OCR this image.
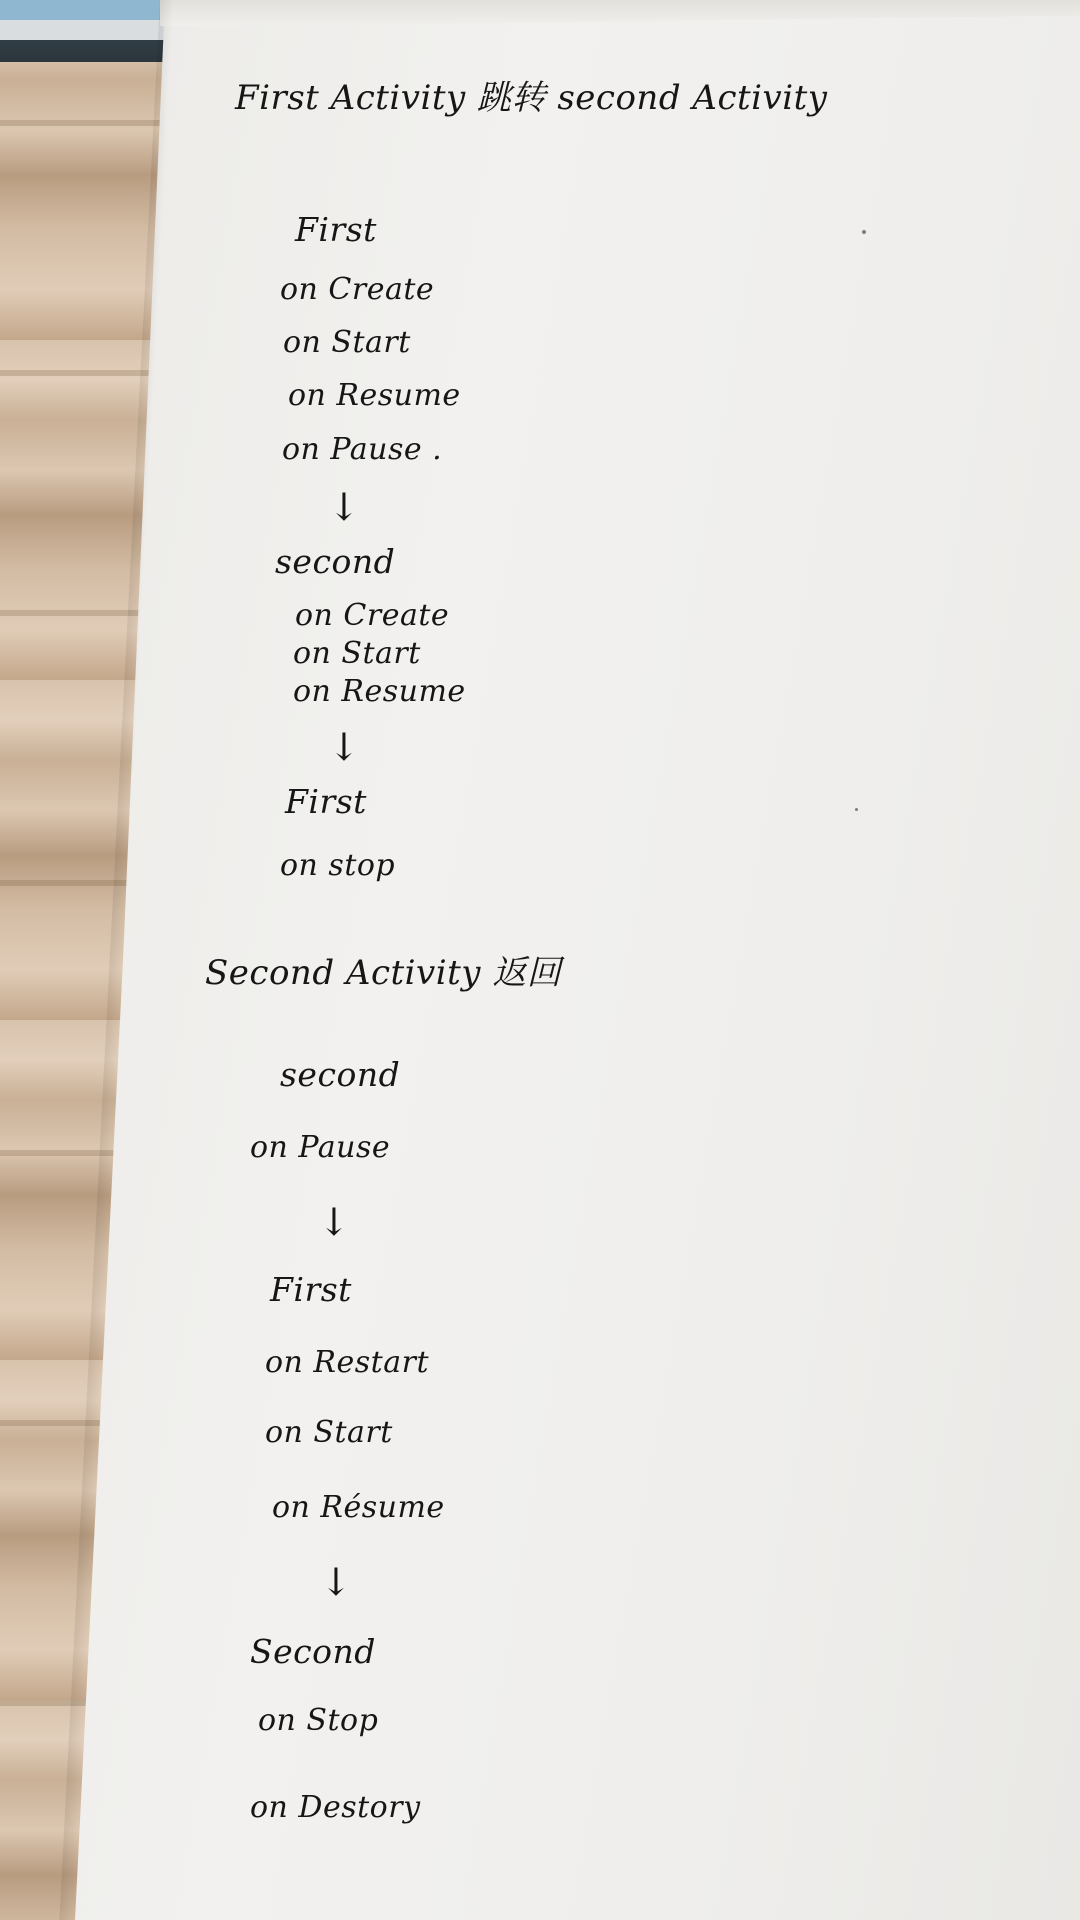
First Activity 跳转 second Activity

First

on Create

on Start

on Resume

on Pause .

↓

second

on Create

on Start

on Resume

↓

First

on stop

Second Activity 返回

second

on Pause

↓

First

on Restart

on Start

on Résume

↓

Second

on Stop

on Destory
